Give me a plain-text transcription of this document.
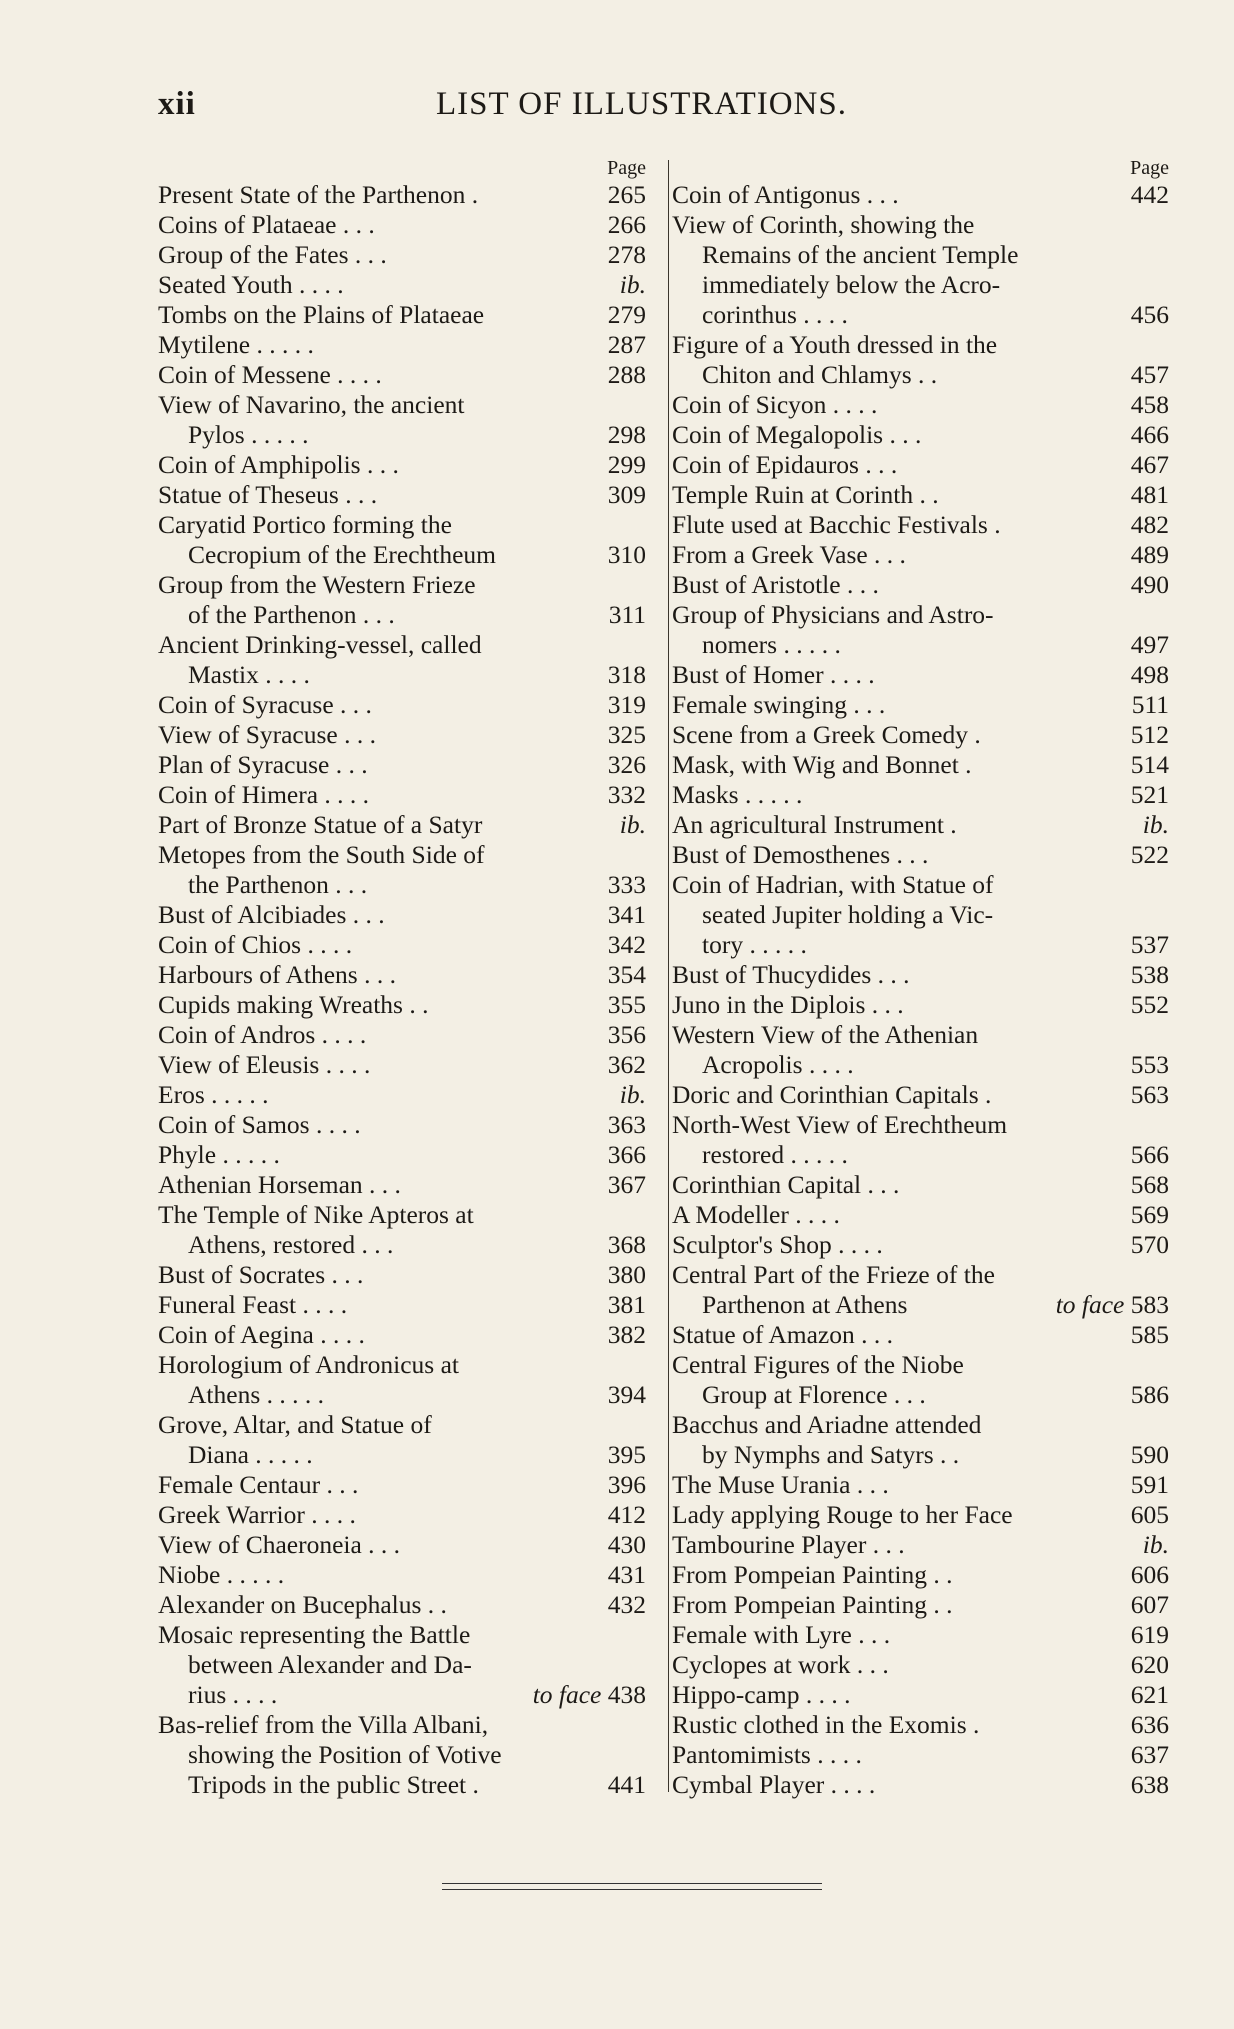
xii	LIST OF ILLUSTRATIONS.
Page
Present State of the Parthenon .	265
Coins of Plataeae . . .	266
Group of the Fates . . .	278
Seated Youth . . . .	ib.
Tombs on the Plains of Plataeae	279
Mytilene . . . . .	287
Coin of Messene . . . .	288
View of Navarino, the ancient
Pylos . . . . .	298
Coin of Amphipolis . . .	299
Statue of Theseus . . .	309
Caryatid Portico forming the
Cecropium of the Erechtheum	310
Group from the Western Frieze
of the Parthenon . . .	311
Ancient Drinking-vessel, called
Mastix . . . .	318
Coin of Syracuse . . .	319
View of Syracuse . . .	325
Plan of Syracuse . . .	326
Coin of Himera . . . .	332
Part of Bronze Statue of a Satyr	ib.
Metopes from the South Side of
the Parthenon . . .	333
Bust of Alcibiades . . .	341
Coin of Chios . . . .	342
Harbours of Athens . . .	354
Cupids making Wreaths . .	355
Coin of Andros . . . .	356
View of Eleusis . . . .	362
Eros . . . . .	ib.
Coin of Samos . . . .	363
Phyle . . . . .	366
Athenian Horseman . . .	367
The Temple of Nike Apteros at
Athens, restored . . .	368
Bust of Socrates . . .	380
Funeral Feast . . . .	381
Coin of Aegina . . . .	382
Horologium of Andronicus at
Athens . . . . .	394
Grove, Altar, and Statue of
Diana . . . . .	395
Female Centaur . . .	396
Greek Warrior . . . .	412
View of Chaeroneia . . .	430
Niobe . . . . .	431
Alexander on Bucephalus . .	432
Mosaic representing the Battle
between Alexander and Da-
rius . . . .	to face 438
Bas-relief from the Villa Albani,
showing the Position of Votive
Tripods in the public Street .	441
Page
Coin of Antigonus . . .	442
View of Corinth, showing the
Remains of the ancient Temple
immediately below the Acro-
corinthus . . . .	456
Figure of a Youth dressed in the
Chiton and Chlamys . .	457
Coin of Sicyon . . . .	458
Coin of Megalopolis . . .	466
Coin of Epidauros . . .	467
Temple Ruin at Corinth . .	481
Flute used at Bacchic Festivals .	482
From a Greek Vase . . .	489
Bust of Aristotle . . .	490
Group of Physicians and Astro-
nomers . . . . .	497
Bust of Homer . . . .	498
Female swinging . . .	511
Scene from a Greek Comedy .	512
Mask, with Wig and Bonnet .	514
Masks . . . . .	521
An agricultural Instrument .	ib.
Bust of Demosthenes . . .	522
Coin of Hadrian, with Statue of
seated Jupiter holding a Vic-
tory . . . . .	537
Bust of Thucydides . . .	538
Juno in the Diplois . . .	552
Western View of the Athenian
Acropolis . . . .	553
Doric and Corinthian Capitals .	563
North-West View of Erechtheum
restored . . . . .	566
Corinthian Capital . . .	568
A Modeller . . . .	569
Sculptor's Shop . . . .	570
Central Part of the Frieze of the
Parthenon at Athens	to face 583
Statue of Amazon . . .	585
Central Figures of the Niobe
Group at Florence . . .	586
Bacchus and Ariadne attended
by Nymphs and Satyrs . .	590
The Muse Urania . . .	591
Lady applying Rouge to her Face	605
Tambourine Player . . .	ib.
From Pompeian Painting . .	606
From Pompeian Painting . .	607
Female with Lyre . . .	619
Cyclopes at work . . .	620
Hippo-camp . . . .	621
Rustic clothed in the Exomis .	636
Pantomimists . . . .	637
Cymbal Player . . . .	638
